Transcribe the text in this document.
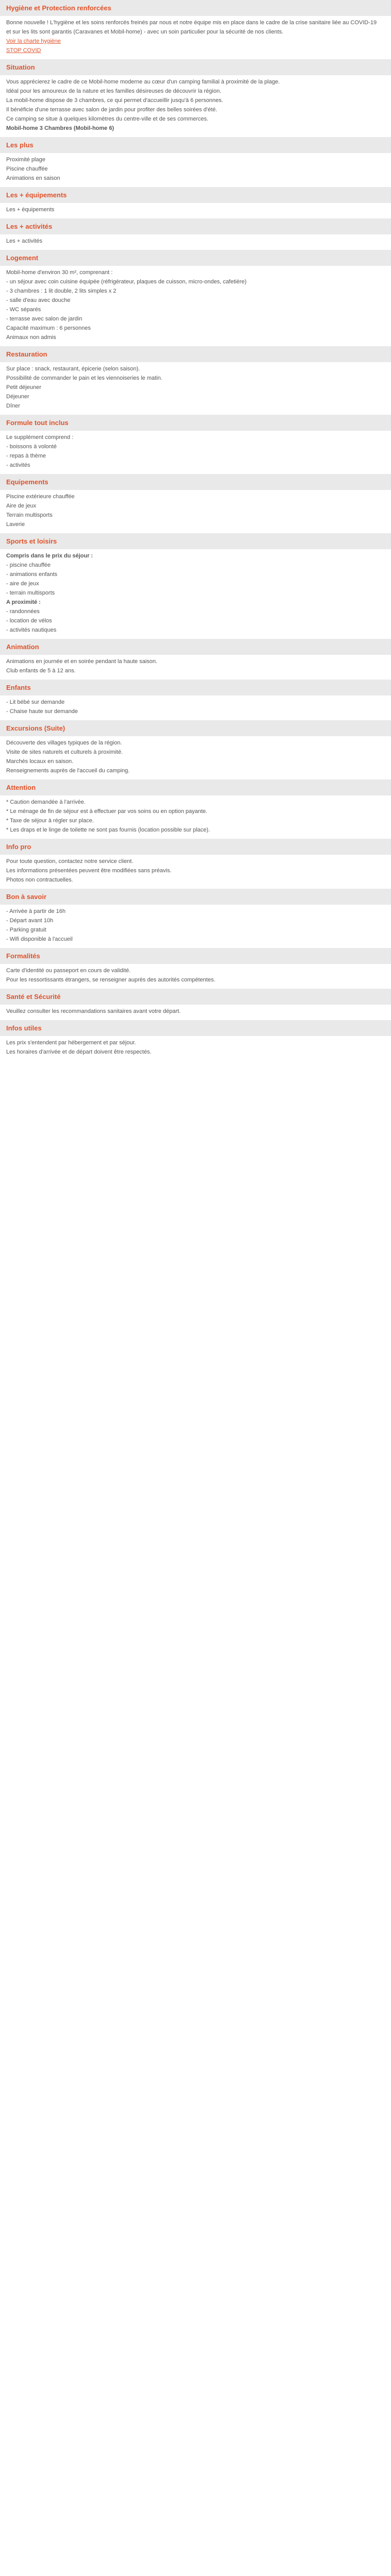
Hygiène et Protection renforcées
Bonne nouvelle ! L'hygiène et les soins renforcés freinés par nous et notre équipe mis en place dans le cadre de la crise sanitaire liée au COVID-19
et sur les lits sont garantis (Caravanes et Mobil-home) - avec un soin particulier pour la sécurité de nos clients.
Voir la charte hygiène
STOP COVID
Situation
Vous apprécierez le cadre de ce Mobil-home moderne au cœur d'un camping familial à proximité de la plage.
Idéal pour les amoureux de la nature et les familles désireuses de découvrir la région.
La mobil-home dispose de 3 chambres, ce qui permet d'accueillir jusqu'à 6 personnes.
Il bénéficie d'une terrasse avec salon de jardin pour profiter des belles soirées d'été.
Ce camping se situe à quelques kilomètres du centre-ville et de ses commerces.
Mobil-home 3 Chambres (Mobil-home 6)
Les plus
Proximité plage
Piscine chauffée
Animations en saison
Les + équipements
Les + équipements
Les + activités
Les + activités
Logement
Mobil-home d'environ 30 m², comprenant :
- un séjour avec coin cuisine équipée (réfrigérateur, plaques de cuisson, micro-ondes, cafetière)
- 3 chambres : 1 lit double, 2 lits simples x 2
- salle d'eau avec douche
- WC séparés
- terrasse avec salon de jardin
Capacité maximum : 6 personnes
Animaux non admis
Restauration
Sur place : snack, restaurant, épicerie (selon saison).
Possibilité de commander le pain et les viennoiseries le matin.
Petit déjeuner
Déjeuner
Dîner
Formule tout inclus
Le supplément comprend :
- boissons à volonté
- repas à thème
- activités
Equipements
Piscine extérieure chauffée
Aire de jeux
Terrain multisports
Laverie
Sports et loisirs
Compris dans le prix du séjour :
- piscine chauffée
- animations enfants
- aire de jeux
- terrain multisports
A proximité :
- randonnées
- location de vélos
- activités nautiques
Animation
Animations en journée et en soirée pendant la haute saison.
Club enfants de 5 à 12 ans.
Enfants
- Lit bébé sur demande
- Chaise haute sur demande
Excursions (Suite)
Découverte des villages typiques de la région.
Visite de sites naturels et culturels à proximité.
Marchés locaux en saison.
Renseignements auprès de l'accueil du camping.
Attention
* Caution demandée à l'arrivée.
* Le ménage de fin de séjour est à effectuer par vos soins ou en option payante.
* Taxe de séjour à régler sur place.
* Les draps et le linge de toilette ne sont pas fournis (location possible sur place).
Info pro
Pour toute question, contactez notre service client.
Les informations présentées peuvent être modifiées sans préavis.
Photos non contractuelles.
Bon à savoir
- Arrivée à partir de 16h
- Départ avant 10h
- Parking gratuit
- Wifi disponible à l'accueil
Formalités
Carte d'identité ou passeport en cours de validité.
Pour les ressortissants étrangers, se renseigner auprès des autorités compétentes.
Santé et Sécurité
Veuillez consulter les recommandations sanitaires avant votre départ.
Infos utiles
Les prix s'entendent par hébergement et par séjour.
Les horaires d'arrivée et de départ doivent être respectés.
